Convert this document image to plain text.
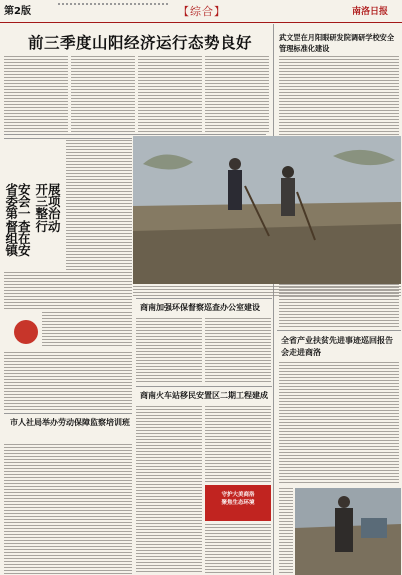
第2版	【综合】	南洛日报
前三季度山阳经济运行态势良好	武文罡在月阳眼研发院调研学校安全管理标准化建设
全省产业扶贫先进事迹巡回报告会走进商洛
开展三项整治行动
省安委会第一督查组在镇安
商南加强环保督察巡查办公室建设
市人社局举办劳动保障监察培训班
商南火车站移民安置区二期工程建成
守护大美商洛
聚焦生态环境
